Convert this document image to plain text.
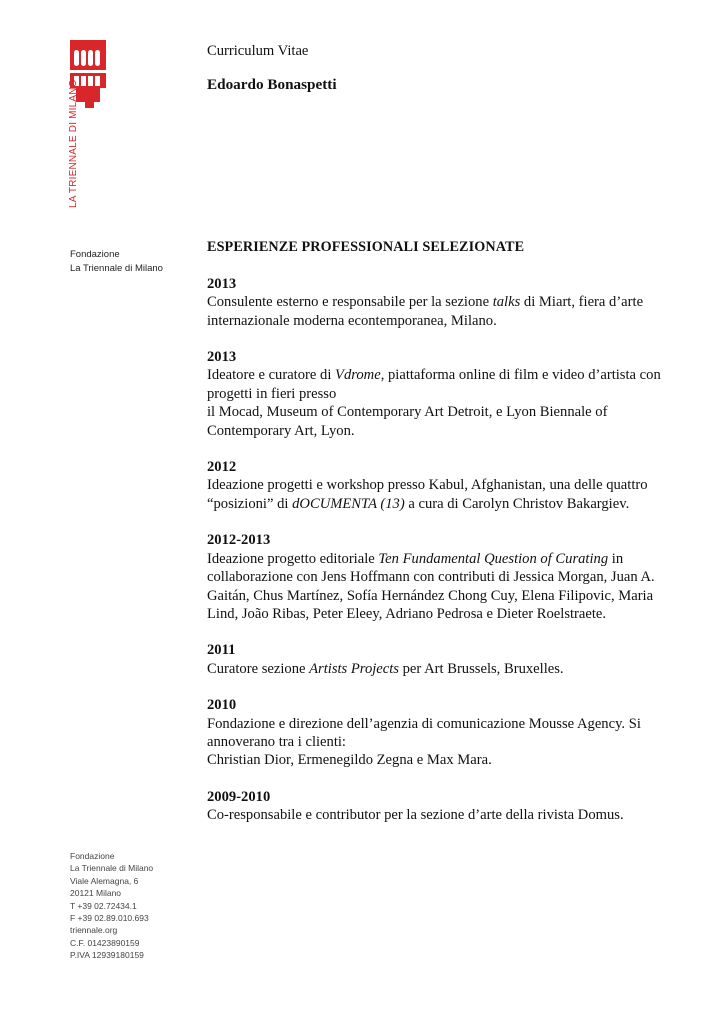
LA TRIENNALE DI MILANO
Fondazione
La Triennale di Milano
Curriculum Vitae
Edoardo Bonaspetti
ESPERIENZE PROFESSIONALI SELEZIONATE
2013
Consulente esterno e responsabile per la sezione talks di Miart, fiera d’arte internazionale moderna econtemporanea, Milano.
2013
Ideatore e curatore di Vdrome, piattaforma online di film e video d’artista con progetti in fieri presso
il Mocad, Museum of Contemporary Art Detroit, e Lyon Biennale of Contemporary Art, Lyon.
2012
Ideazione progetti e workshop presso Kabul, Afghanistan, una delle quattro “posizioni” di dOCUMENTA (13) a cura di Carolyn Christov Bakargiev.
2012-2013
Ideazione progetto editoriale Ten Fundamental Question of Curating in collaborazione con Jens Hoffmann con contributi di Jessica Morgan, Juan A. Gaitán, Chus Martínez, Sofía Hernández Chong Cuy, Elena Filipovic, Maria Lind, João Ribas, Peter Eleey, Adriano Pedrosa e Dieter Roelstraete.
2011
Curatore sezione Artists Projects per Art Brussels, Bruxelles.
2010
Fondazione e direzione dell’agenzia di comunicazione Mousse Agency. Si annoverano tra i clienti:
Christian Dior, Ermenegildo Zegna e Max Mara.
2009-2010
Co-responsabile e contributor per la sezione d’arte della rivista Domus.
Fondazione
La Triennale di Milano
Viale Alemagna, 6
20121 Milano
T +39 02.72434.1
F +39 02.89.010.693
triennale.org
C.F. 01423890159
P.IVA 12939180159
